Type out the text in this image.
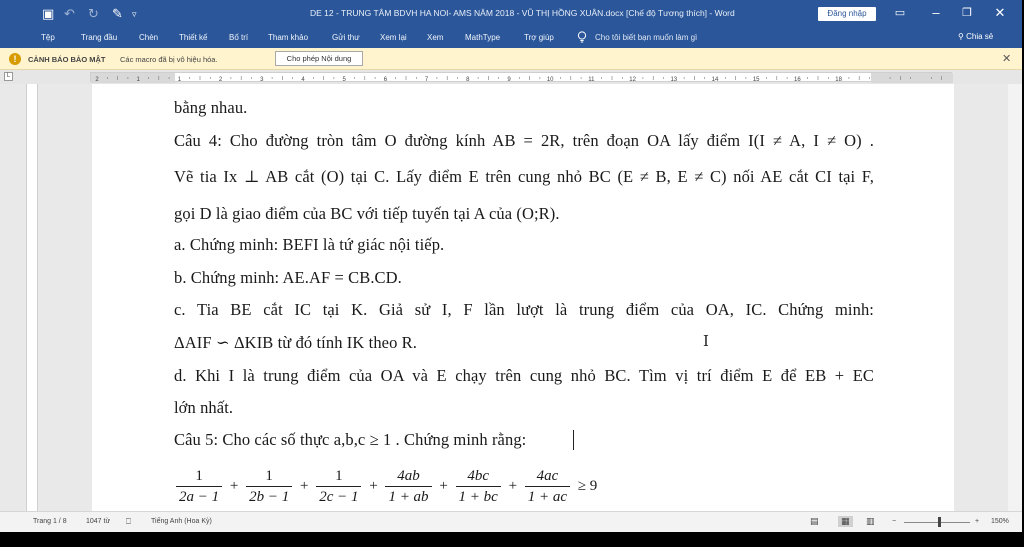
▣ ↶ ↻ ✎ ▿	DE 12 - TRUNG TÂM BDVH HA NOI- AMS NĂM 2018 - VŨ THỊ HỒNG XUÂN.docx [Chế độ Tương thích] - Word	Đăng nhập	▭	–	❐	✕
Tệp	Trang đầu	Chèn	Thiết kế	Bố trí Tham khảo	Gửi thư	Xem lại	Xem	MathType	Trợ giúp	Cho tôi biết bạn muốn làm gì	⚲ Chia sẻ
!	CẢNH BÁO BẢO MẬT Các macro đã bị vô hiệu hóa.	Cho phép Nội dung	✕
L
2	1	1	2	3	4	5	6	7	8	9	10	11	12	13	14	15	16	18
bằng nhau.
Câu 4: Cho đường tròn tâm O đường kính AB = 2R, trên đoạn OA lấy điểm I(I ≠ A, I ≠ O) .
Vẽ tia Ix ⊥ AB cắt (O) tại C. Lấy điểm E trên cung nhỏ BC (E ≠ B, E ≠ C) nối AE cắt CI tại F,
gọi D là giao điểm của BC với tiếp tuyến tại A của (O;R).
a. Chứng minh: BEFI là tứ giác nội tiếp.
b. Chứng minh: AE.AF = CB.CD.
c. Tia BE cắt IC tại K. Giả sử I, F lần lượt là trung điểm của OA, IC. Chứng minh:
ΔAIF ∽ ΔKIB từ đó tính IK theo R.
d. Khi I là trung điểm của OA và E chạy trên cung nhỏ BC. Tìm vị trí điểm E để EB + EC
lớn nhất.
Câu 5: Cho các số thực a,b,c ≥ 1 . Chứng minh rằng:
I
$\frac{1}{2a - 1} + \frac{1}{2b - 1} + \frac{1}{2c - 1} + \frac{4ab}{1 + ab} + \frac{4bc}{1 + bc} + \frac{4ac}{1 + ac} \ge 9$
Trang 1 / 8	1047 từ ⎕	Tiếng Anh (Hoa Kỳ)	▤	▦	▥ −	+ 150%
